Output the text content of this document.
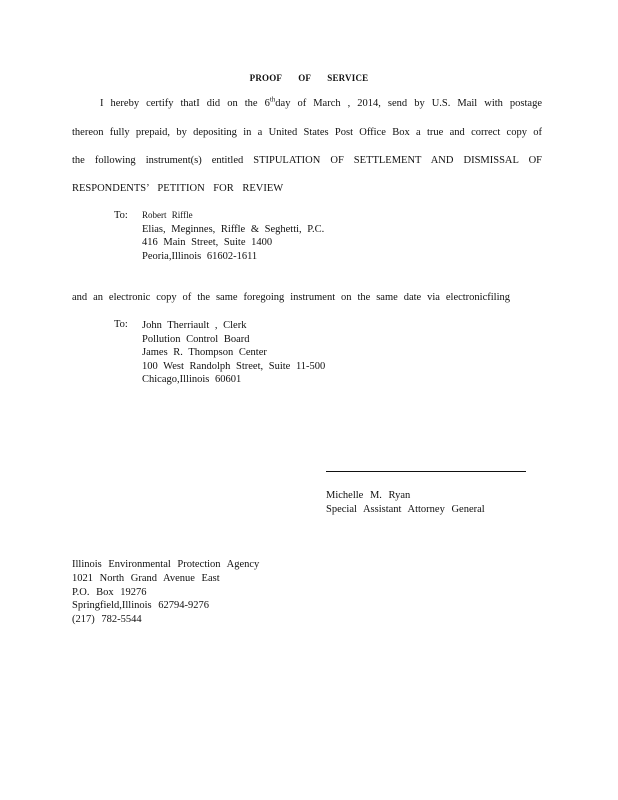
PROOF OF SERVICE
I hereby certify thatI did on the 6thday of March , 2014, send by U.S. Mail with postage
thereon fully prepaid, by depositing in a United States Post Office Box a true and correct copy of
the following instrument(s) entitled STIPULATION OF SETTLEMENT AND DISMISSAL OF
RESPONDENTS’ PETITION FOR REVIEW
To: Robert Riffle
Elias, Meginnes, Riffle & Seghetti, P.C.
416 Main Street, Suite 1400
Peoria,Illinois 61602-1611
and an electronic copy of the same foregoing instrument on the same date via electronicfiling
To: John Therriault , Clerk
Pollution Control Board
James R. Thompson Center
100 West Randolph Street, Suite 11-500
Chicago,Illinois 60601
Michelle M. Ryan
Special Assistant Attorney General
Illinois Environmental Protection Agency
1021 North Grand Avenue East
P.O. Box 19276
Springfield,Illinois 62794-9276
(217) 782-5544
